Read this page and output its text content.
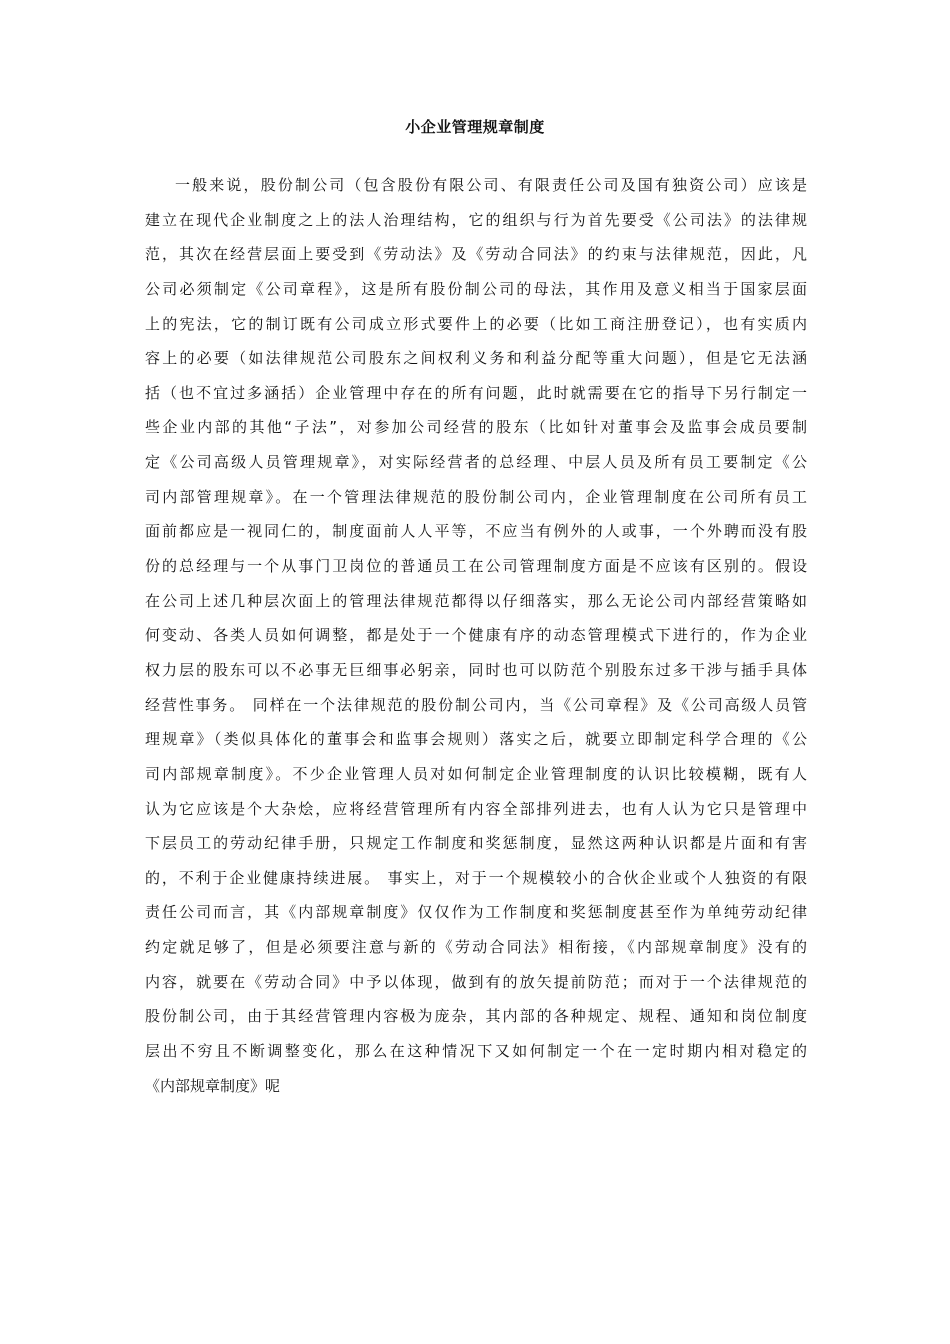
小企业管理规章制度
一般来说，股份制公司（包含股份有限公司、有限责任公司及国有独资公司）应该是
建立在现代企业制度之上的法人治理结构，它的组织与行为首先要受《公司法》的法律规
范，其次在经营层面上要受到《劳动法》及《劳动合同法》的约束与法律规范，因此，凡
公司必须制定《公司章程》，这是所有股份制公司的母法，其作用及意义相当于国家层面
上的宪法，它的制订既有公司成立形式要件上的必要（比如工商注册登记），也有实质内
容上的必要（如法律规范公司股东之间权利义务和利益分配等重大问题），但是它无法涵
括（也不宜过多涵括）企业管理中存在的所有问题，此时就需要在它的指导下另行制定一
些企业内部的其他“子法”，对参加公司经营的股东（比如针对董事会及监事会成员要制
定《公司高级人员管理规章》，对实际经营者的总经理、中层人员及所有员工要制定《公
司内部管理规章》。在一个管理法律规范的股份制公司内，企业管理制度在公司所有员工
面前都应是一视同仁的，制度面前人人平等，不应当有例外的人或事，一个外聘而没有股
份的总经理与一个从事门卫岗位的普通员工在公司管理制度方面是不应该有区别的。假设
在公司上述几种层次面上的管理法律规范都得以仔细落实，那么无论公司内部经营策略如
何变动、各类人员如何调整，都是处于一个健康有序的动态管理模式下进行的，作为企业
权力层的股东可以不必事无巨细事必躬亲，同时也可以防范个别股东过多干涉与插手具体
经营性事务。 同样在一个法律规范的股份制公司内，当《公司章程》及《公司高级人员管
理规章》（类似具体化的董事会和监事会规则）落实之后，就要立即制定科学合理的《公
司内部规章制度》。不少企业管理人员对如何制定企业管理制度的认识比较模糊，既有人
认为它应该是个大杂烩，应将经营管理所有内容全部排列进去，也有人认为它只是管理中
下层员工的劳动纪律手册，只规定工作制度和奖惩制度，显然这两种认识都是片面和有害
的，不利于企业健康持续进展。 事实上，对于一个规模较小的合伙企业或个人独资的有限
责任公司而言，其《内部规章制度》仅仅作为工作制度和奖惩制度甚至作为单纯劳动纪律
约定就足够了，但是必须要注意与新的《劳动合同法》相衔接，《内部规章制度》没有的
内容，就要在《劳动合同》中予以体现，做到有的放矢提前防范；而对于一个法律规范的
股份制公司，由于其经营管理内容极为庞杂，其内部的各种规定、规程、通知和岗位制度
层出不穷且不断调整变化，那么在这种情况下又如何制定一个在一定时期内相对稳定的
《内部规章制度》呢
